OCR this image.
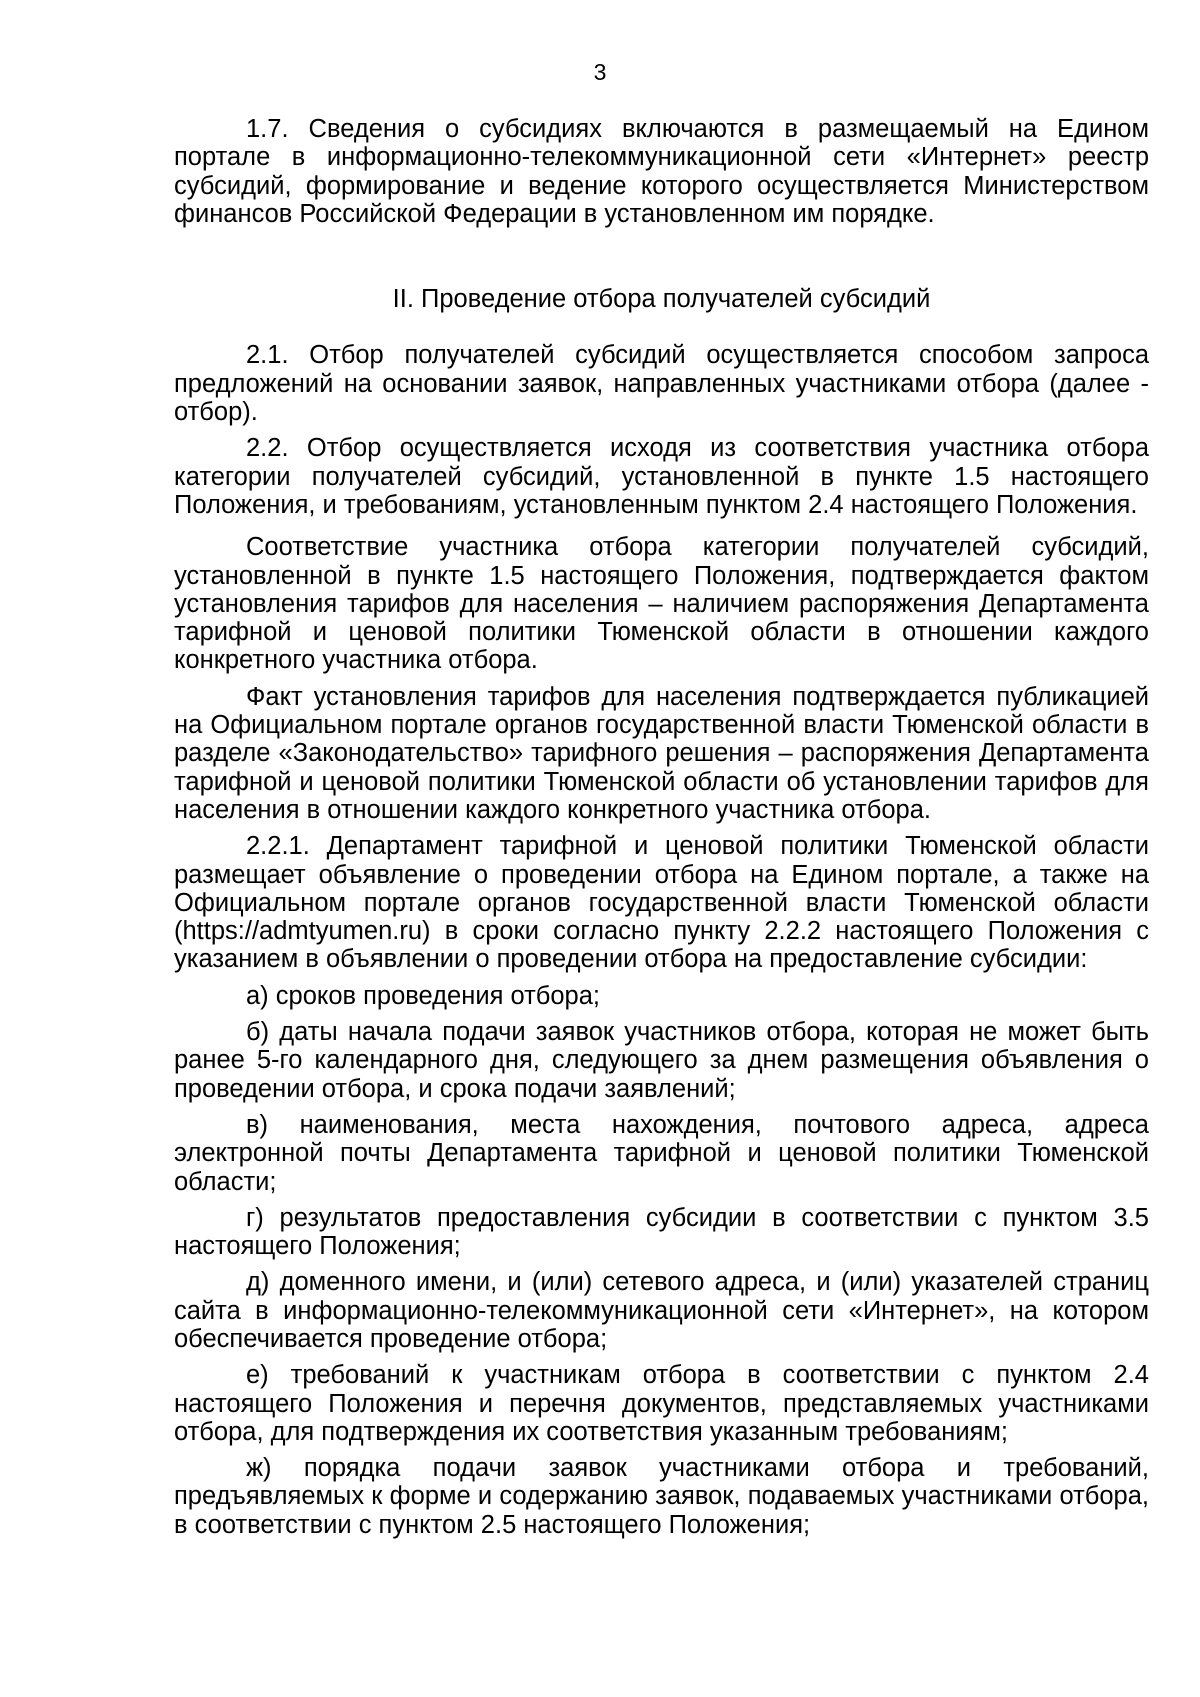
3

1.7. Сведения о субсидиях включаются в размещаемый на Едином портале в информационно-телекоммуникационной сети «Интернет» реестр субсидий, формирование и ведение которого осуществляется Министерством финансов Российской Федерации в установленном им порядке.

II. Проведение отбора получателей субсидий

2.1. Отбор получателей субсидий осуществляется способом запроса предложений на основании заявок, направленных участниками отбора (далее - отбор).

2.2. Отбор осуществляется исходя из соответствия участника отбора категории получателей субсидий, установленной в пункте 1.5 настоящего Положения, и требованиям, установленным пунктом 2.4 настоящего Положения.

Соответствие участника отбора категории получателей субсидий, установленной в пункте 1.5 настоящего Положения, подтверждается фактом установления тарифов для населения – наличием распоряжения Департамента тарифной и ценовой политики Тюменской области в отношении каждого конкретного участника отбора.

Факт установления тарифов для населения подтверждается публикацией на Официальном портале органов государственной власти Тюменской области в разделе «Законодательство» тарифного решения – распоряжения Департамента тарифной и ценовой политики Тюменской области об установлении тарифов для населения в отношении каждого конкретного участника отбора.

2.2.1. Департамент тарифной и ценовой политики Тюменской области размещает объявление о проведении отбора на Едином портале, а также на Официальном портале органов государственной власти Тюменской области (https://admtyumen.ru) в сроки согласно пункту 2.2.2 настоящего Положения с указанием в объявлении о проведении отбора на предоставление субсидии:

а) сроков проведения отбора;

б) даты начала подачи заявок участников отбора, которая не может быть ранее 5-го календарного дня, следующего за днем размещения объявления о проведении отбора, и срока подачи заявлений;

в) наименования, места нахождения, почтового адреса, адреса электронной почты Департамента тарифной и ценовой политики Тюменской области;

г) результатов предоставления субсидии в соответствии с пунктом 3.5 настоящего Положения;

д) доменного имени, и (или) сетевого адреса, и (или) указателей страниц сайта в информационно-телекоммуникационной сети «Интернет», на котором обеспечивается проведение отбора;

е) требований к участникам отбора в соответствии с пунктом 2.4 настоящего Положения и перечня документов, представляемых участниками отбора, для подтверждения их соответствия указанным требованиям;

ж) порядка подачи заявок участниками отбора и требований, предъявляемых к форме и содержанию заявок, подаваемых участниками отбора, в соответствии с пунктом 2.5 настоящего Положения;
